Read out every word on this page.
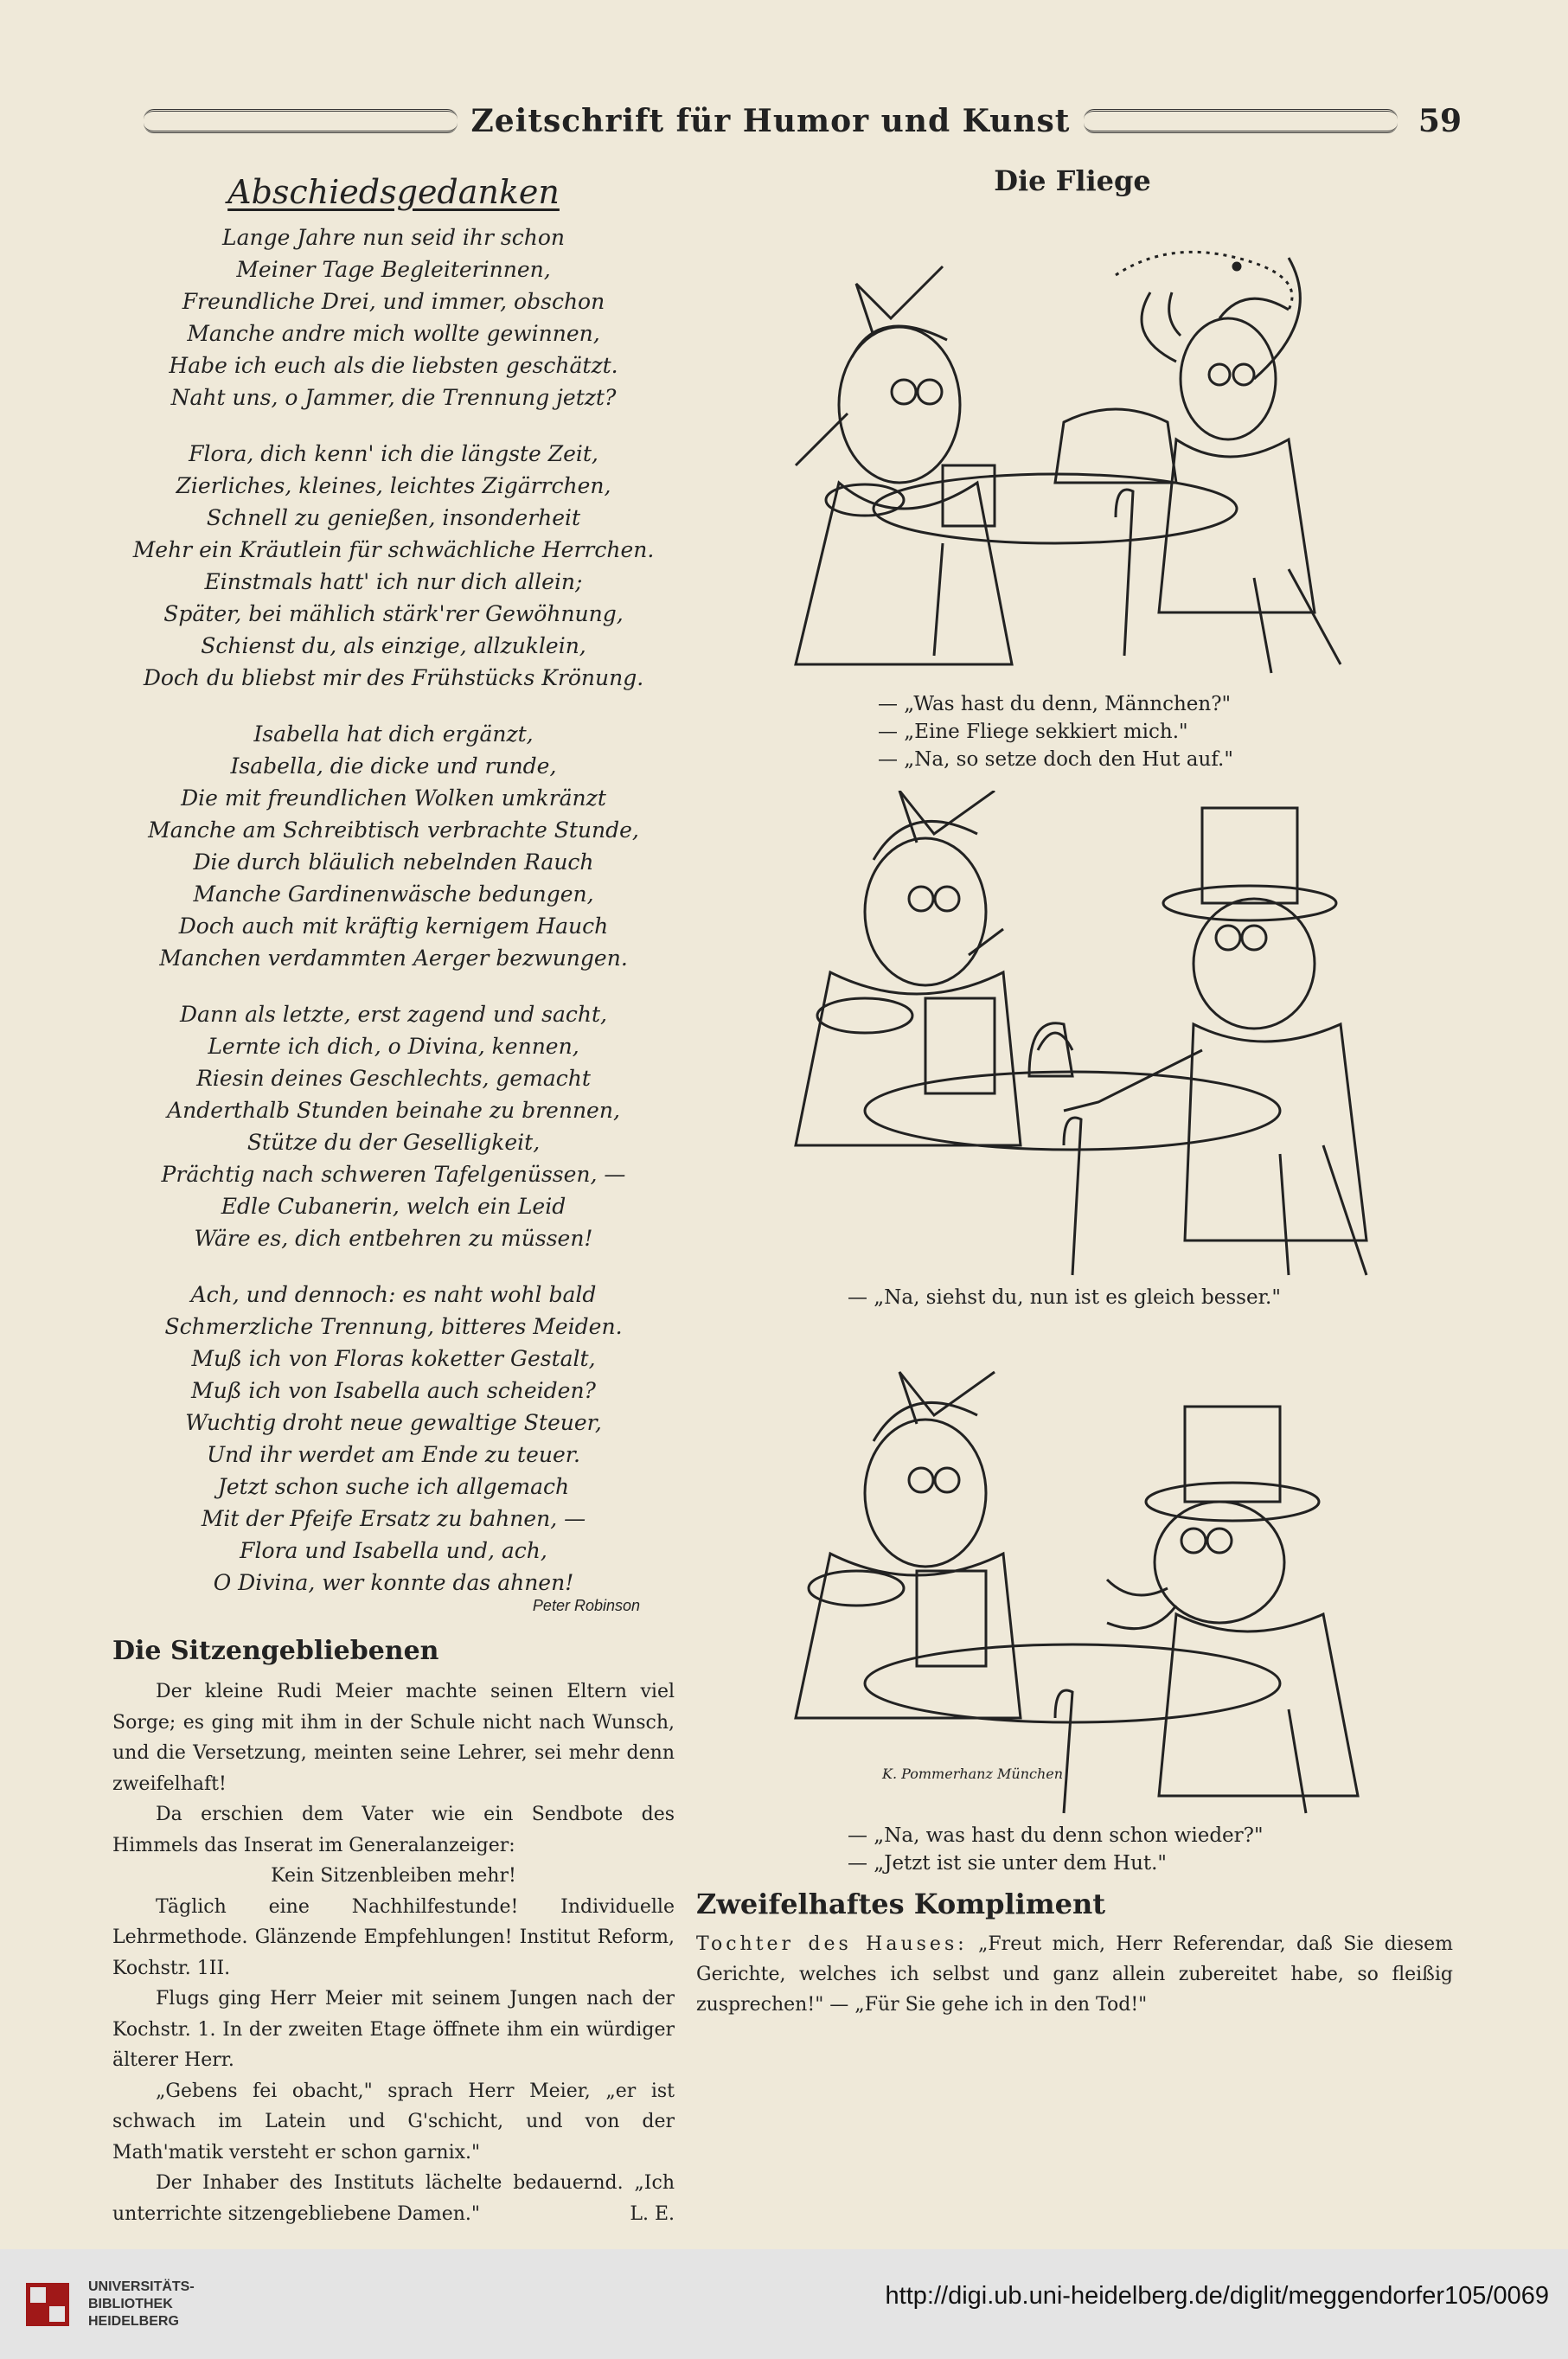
Zeitschrift für Humor und Kunst	59
Abschiedsgedanken
Lange Jahre nun seid ihr schon
Meiner Tage Begleiterinnen,
Freundliche Drei, und immer, obschon
Manche andre mich wollte gewinnen,
Habe ich euch als die liebsten geschätzt.
Naht uns, o Jammer, die Trennung jetzt?
Flora, dich kenn' ich die längste Zeit,
Zierliches, kleines, leichtes Zigärrchen,
Schnell zu genießen, insonderheit
Mehr ein Kräutlein für schwächliche Herrchen.
Einstmals hatt' ich nur dich allein;
Später, bei mählich stärk'rer Gewöhnung,
Schienst du, als einzige, allzuklein,
Doch du bliebst mir des Frühstücks Krönung.
Isabella hat dich ergänzt,
Isabella, die dicke und runde,
Die mit freundlichen Wolken umkränzt
Manche am Schreibtisch verbrachte Stunde,
Die durch bläulich nebelnden Rauch
Manche Gardinenwäsche bedungen,
Doch auch mit kräftig kernigem Hauch
Manchen verdammten Aerger bezwungen.
Dann als letzte, erst zagend und sacht,
Lernte ich dich, o Divina, kennen,
Riesin deines Geschlechts, gemacht
Anderthalb Stunden beinahe zu brennen,
Stütze du der Geselligkeit,
Prächtig nach schweren Tafelgenüssen, —
Edle Cubanerin, welch ein Leid
Wäre es, dich entbehren zu müssen!
Ach, und dennoch: es naht wohl bald
Schmerzliche Trennung, bitteres Meiden.
Muß ich von Floras koketter Gestalt,
Muß ich von Isabella auch scheiden?
Wuchtig droht neue gewaltige Steuer,
Und ihr werdet am Ende zu teuer.
Jetzt schon suche ich allgemach
Mit der Pfeife Ersatz zu bahnen, —
Flora und Isabella und, ach,
O Divina, wer konnte das ahnen!
Peter Robinson
Die Sitzengebliebenen

Der kleine Rudi Meier machte seinen Eltern viel Sorge; es ging mit ihm in der Schule nicht nach Wunsch, und die Versetzung, meinten seine Lehrer, sei mehr denn zweifelhaft!

Da erschien dem Vater wie ein Sendbote des Himmels das Inserat im Generalanzeiger:

Kein Sitzenbleiben mehr!

Täglich eine Nachhilfestunde! Individuelle Lehrmethode. Glänzende Empfehlungen! Institut Reform, Kochstr. 1II.

Flugs ging Herr Meier mit seinem Jungen nach der Kochstr. 1. In der zweiten Etage öffnete ihm ein würdiger älterer Herr.

„Gebens fei obacht," sprach Herr Meier, „er ist schwach im Latein und G'schicht, und von der Math'matik versteht er schon garnix."

Der Inhaber des Instituts lächelte bedauernd. „Ich unterrichte sitzengebliebene Damen."	L. E.

Die Fliege
— „Was hast du denn, Männchen?"
— „Eine Fliege sekkiert mich."
— „Na, so setze doch den Hut auf."
— „Na, siehst du, nun ist es gleich besser."
K. Pommerhanz München
— „Na, was hast du denn schon wieder?"
— „Jetzt ist sie unter dem Hut."
Zweifelhaftes Kompliment

Tochter des Hauses: „Freut mich, Herr Referendar, daß Sie diesem Gerichte, welches ich selbst und ganz allein zubereitet habe, so fleißig zusprechen!" — „Für Sie gehe ich in den Tod!"

UNIVERSITÄTS-
BIBLIOTHEK
HEIDELBERG
http://digi.ub.uni-heidelberg.de/diglit/meggendorfer105/0069
